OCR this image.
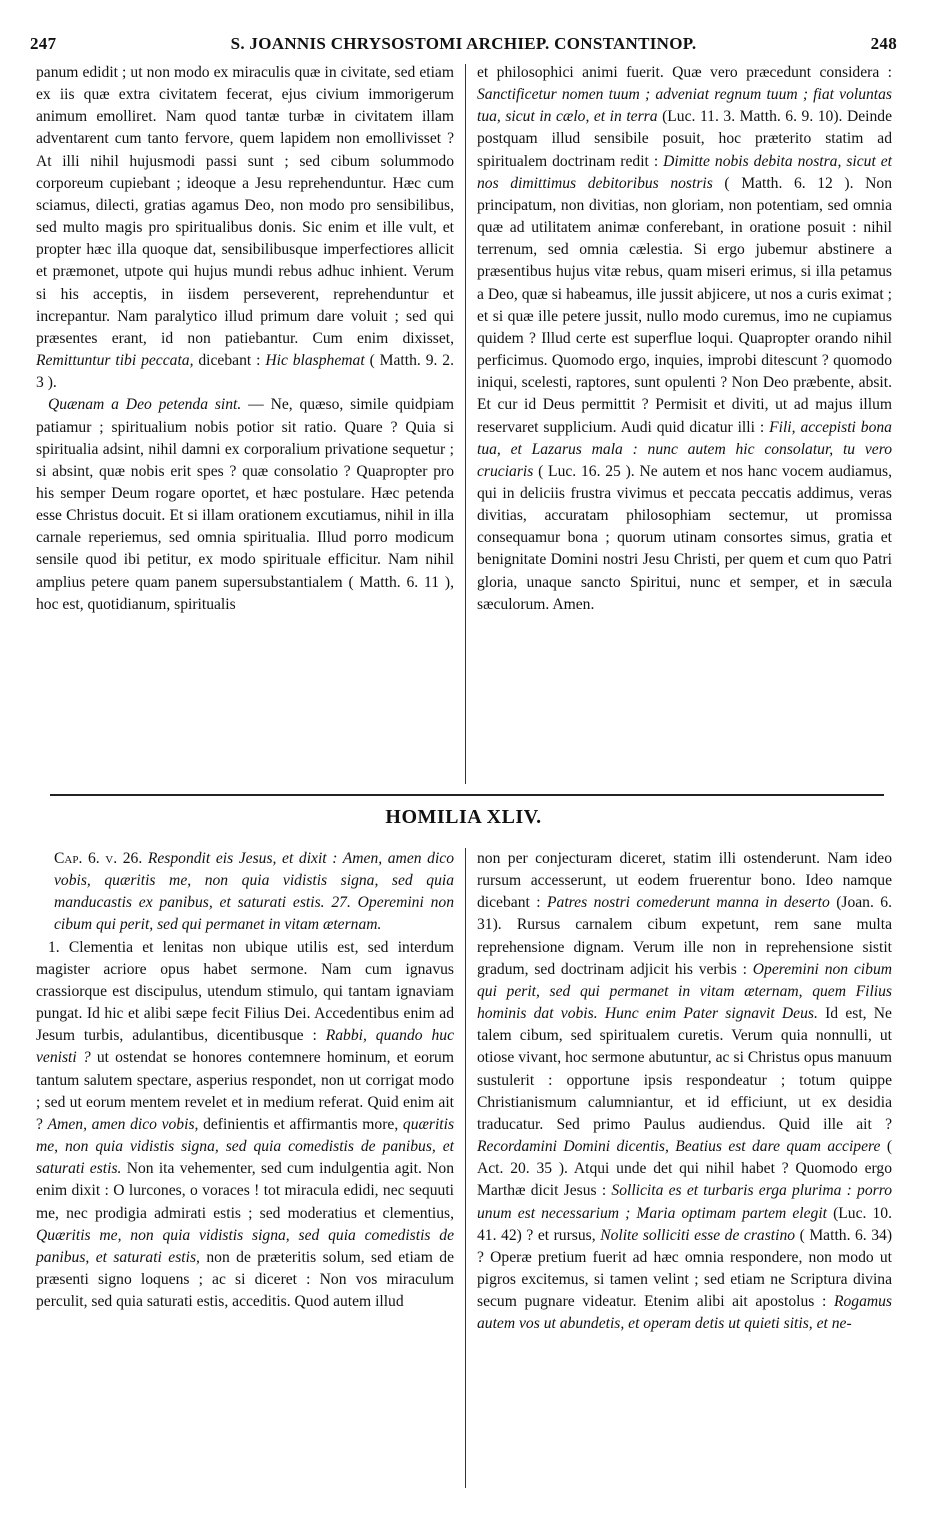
247	S. JOANNIS CHRYSOSTOMI ARCHIEP. CONSTANTINOP.	248

panum edidit ; ut non modo ex miraculis quæ in civitate, sed etiam ex iis quæ extra civitatem fecerat, ejus civium immorigerum animum emolliret. Nam quod tantæ turbæ in civitatem illam adventarent cum tanto fervore, quem lapidem non emollivisset ? At illi nihil hujusmodi passi sunt ; sed cibum solummodo corporeum cupiebant ; ideoque a Jesu reprehenduntur. Hæc cum sciamus, dilecti, gratias agamus Deo, non modo pro sensibilibus, sed multo magis pro spiritualibus donis. Sic enim et ille vult, et propter hæc illa quoque dat, sensibilibusque imperfectiores allicit et præmonet, utpote qui hujus mundi rebus adhuc inhient. Verum si his acceptis, in iisdem perseverent, reprehenduntur et increpantur. Nam paralytico illud primum dare voluit ; sed qui præsentes erant, id non patiebantur. Cum enim dixisset, Remittuntur tibi peccata, dicebant : Hic blasphemat ( Matth. 9. 2. 3 ).

Quænam a Deo petenda sint. — Ne, quæso, simile quidpiam patiamur ; spiritualium nobis potior sit ratio. Quare ? Quia si spiritualia adsint, nihil damni ex corporalium privatione sequetur ; si absint, quæ nobis erit spes ? quæ consolatio ? Quapropter pro his semper Deum rogare oportet, et hæc postulare. Hæc petenda esse Christus docuit. Et si illam orationem excutiamus, nihil in illa carnale reperiemus, sed omnia spiritualia. Illud porro modicum sensile quod ibi petitur, ex modo spirituale efficitur. Nam nihil amplius petere quam panem supersubstantialem ( Matth. 6. 11 ), hoc est, quotidianum, spiritualis

et philosophici animi fuerit. Quæ vero præcedunt considera : Sanctificetur nomen tuum ; adveniat regnum tuum ; fiat voluntas tua, sicut in cælo, et in terra (Luc. 11. 3. Matth. 6. 9. 10). Deinde postquam illud sensibile posuit, hoc præterito statim ad spiritualem doctrinam redit : Dimitte nobis debita nostra, sicut et nos dimittimus debitoribus nostris ( Matth. 6. 12 ). Non principatum, non divitias, non gloriam, non potentiam, sed omnia quæ ad utilitatem animæ conferebant, in oratione posuit : nihil terrenum, sed omnia cælestia. Si ergo jubemur abstinere a præsentibus hujus vitæ rebus, quam miseri erimus, si illa petamus a Deo, quæ si habeamus, ille jussit abjicere, ut nos a curis eximat ; et si quæ ille petere jussit, nullo modo curemus, imo ne cupiamus quidem ? Illud certe est superflue loqui. Quapropter orando nihil perficimus. Quomodo ergo, inquies, improbi ditescunt ? quomodo iniqui, scelesti, raptores, sunt opulenti ? Non Deo præbente, absit. Et cur id Deus permittit ? Permisit et diviti, ut ad majus illum reservaret supplicium. Audi quid dicatur illi : Fili, accepisti bona tua, et Lazarus mala : nunc autem hic consolatur, tu vero cruciaris ( Luc. 16. 25 ). Ne autem et nos hanc vocem audiamus, qui in deliciis frustra vivimus et peccata peccatis addimus, veras divitias, accuratam philosophiam sectemur, ut promissa consequamur bona ; quorum utinam consortes simus, gratia et benignitate Domini nostri Jesu Christi, per quem et cum quo Patri gloria, unaque sancto Spiritui, nunc et semper, et in sæcula sæculorum. Amen.

HOMILIA XLIV.

Cap. 6. v. 26. Respondit eis Jesus, et dixit : Amen, amen dico vobis, quæritis me, non quia vidistis signa, sed quia manducastis ex panibus, et saturati estis. 27. Operemini non cibum qui perit, sed qui permanet in vitam æternam.

1. Clementia et lenitas non ubique utilis est, sed interdum magister acriore opus habet sermone. Nam cum ignavus crassiorque est discipulus, utendum stimulo, qui tantam ignaviam pungat. Id hic et alibi sæpe fecit Filius Dei. Accedentibus enim ad Jesum turbis, adulantibus, dicentibusque : Rabbi, quando huc venisti ? ut ostendat se honores contemnere hominum, et eorum tantum salutem spectare, asperius respondet, non ut corrigat modo ; sed ut eorum mentem revelet et in medium referat. Quid enim ait ? Amen, amen dico vobis, definientis et affirmantis more, quæritis me, non quia vidistis signa, sed quia comedistis de panibus, et saturati estis. Non ita vehementer, sed cum indulgentia agit. Non enim dixit : O lurcones, o voraces ! tot miracula edidi, nec sequuti me, nec prodigia admirati estis ; sed moderatius et clementius, Quæritis me, non quia vidistis signa, sed quia comedistis de panibus, et saturati estis, non de præteritis solum, sed etiam de præsenti signo loquens ; ac si diceret : Non vos miraculum perculit, sed quia saturati estis, acceditis. Quod autem illud

non per conjecturam diceret, statim illi ostenderunt. Nam ideo rursum accesserunt, ut eodem fruerentur bono. Ideo namque dicebant : Patres nostri comederunt manna in deserto (Joan. 6. 31). Rursus carnalem cibum expetunt, rem sane multa reprehensione dignam. Verum ille non in reprehensione sistit gradum, sed doctrinam adjicit his verbis : Operemini non cibum qui perit, sed qui permanet in vitam æternam, quem Filius hominis dat vobis. Hunc enim Pater signavit Deus. Id est, Ne talem cibum, sed spiritualem curetis. Verum quia nonnulli, ut otiose vivant, hoc sermone abutuntur, ac si Christus opus manuum sustulerit : opportune ipsis respondeatur ; totum quippe Christianismum calumniantur, et id efficiunt, ut ex desidia traducatur. Sed primo Paulus audiendus. Quid ille ait ? Recordamini Domini dicentis, Beatius est dare quam accipere ( Act. 20. 35 ). Atqui unde det qui nihil habet ? Quomodo ergo Marthæ dicit Jesus : Sollicita es et turbaris erga plurima : porro unum est necessarium ; Maria optimam partem elegit (Luc. 10. 41. 42) ? et rursus, Nolite solliciti esse de crastino ( Matth. 6. 34) ? Operæ pretium fuerit ad hæc omnia respondere, non modo ut pigros excitemus, si tamen velint ; sed etiam ne Scriptura divina secum pugnare videatur. Etenim alibi ait apostolus : Rogamus autem vos ut abundetis, et operam detis ut quieti sitis, et ne-
